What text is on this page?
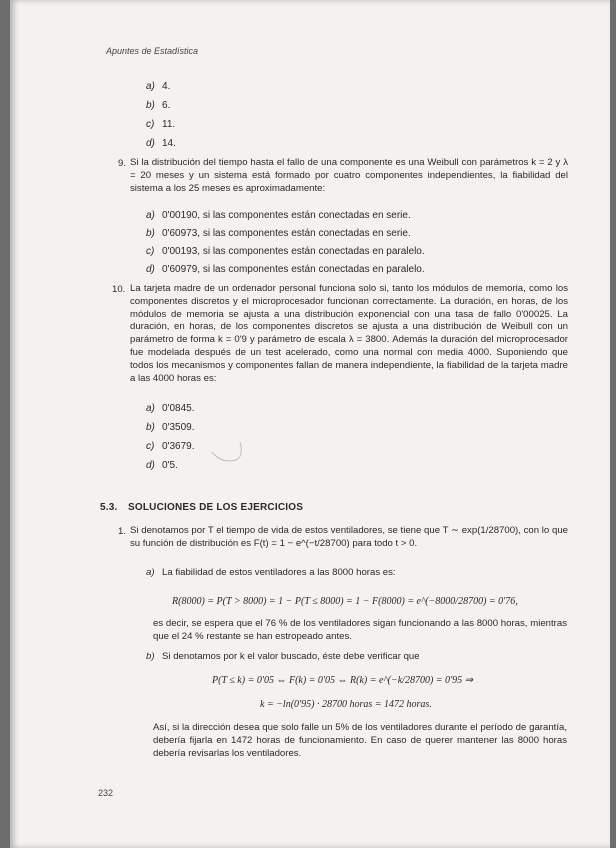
Apuntes de Estadística
a) 4.
b) 6.
c) 11.
d) 14.
9. Si la distribución del tiempo hasta el fallo de una componente es una Weibull con parámetros k = 2 y λ = 20 meses y un sistema está formado por cuatro componentes independientes, la fiabilidad del sistema a los 25 meses es aproximadamente:
a) 0'00190, si las componentes están conectadas en serie.
b) 0'60973, si las componentes están conectadas en serie.
c) 0'00193, si las componentes están conectadas en paralelo.
d) 0'60979, si las componentes están conectadas en paralelo.
10. La tarjeta madre de un ordenador personal funciona solo si, tanto los módulos de memoria, como los componentes discretos y el microprocesador funcionan correctamente. La duración, en horas, de los módulos de memoria se ajusta a una distribución exponencial con una tasa de fallo 0'00025. La duración, en horas, de los componentes discretos se ajusta a una distribución de Weibull con un parámetro de forma k = 0'9 y parámetro de escala λ = 3800. Además la duración del microprocesador fue modelada después de un test acelerado, como una normal con media 4000. Suponiendo que todos los mecanismos y componentes fallan de manera independiente, la fiabilidad de la tarjeta madre a las 4000 horas es:
a) 0'0845.
b) 0'3509.
c) 0'3679.
d) 0'5.
5.3. SOLUCIONES DE LOS EJERCICIOS
1. Si denotamos por T el tiempo de vida de estos ventiladores, se tiene que T ∼ exp(1/28700), con lo que su función de distribución es F(t) = 1 − e^(−t/28700) para todo t > 0.
a) La fiabilidad de estos ventiladores a las 8000 horas es:
R(8000) = P(T > 8000) = 1 − P(T ≤ 8000) = 1 − F(8000) = e^(−8000/28700) = 0'76,
es decir, se espera que el 76 % de los ventiladores sigan funcionando a las 8000 horas, mientras que el 24 % restante se han estropeado antes.
b) Si denotamos por k el valor buscado, éste debe verificar que
P(T ≤ k) = 0'05 ⇔ F(k) = 0'05 ⇔ R(k) = e^(−k/28700) = 0'95 ⇒
k = −ln(0'95) · 28700 horas = 1472 horas.
Así, si la dirección desea que solo falle un 5% de los ventiladores durante el período de garantía, debería fijarla en 1472 horas de funcionamiento. En caso de querer mantener las 8000 horas debería revisarlas los ventiladores.
232
